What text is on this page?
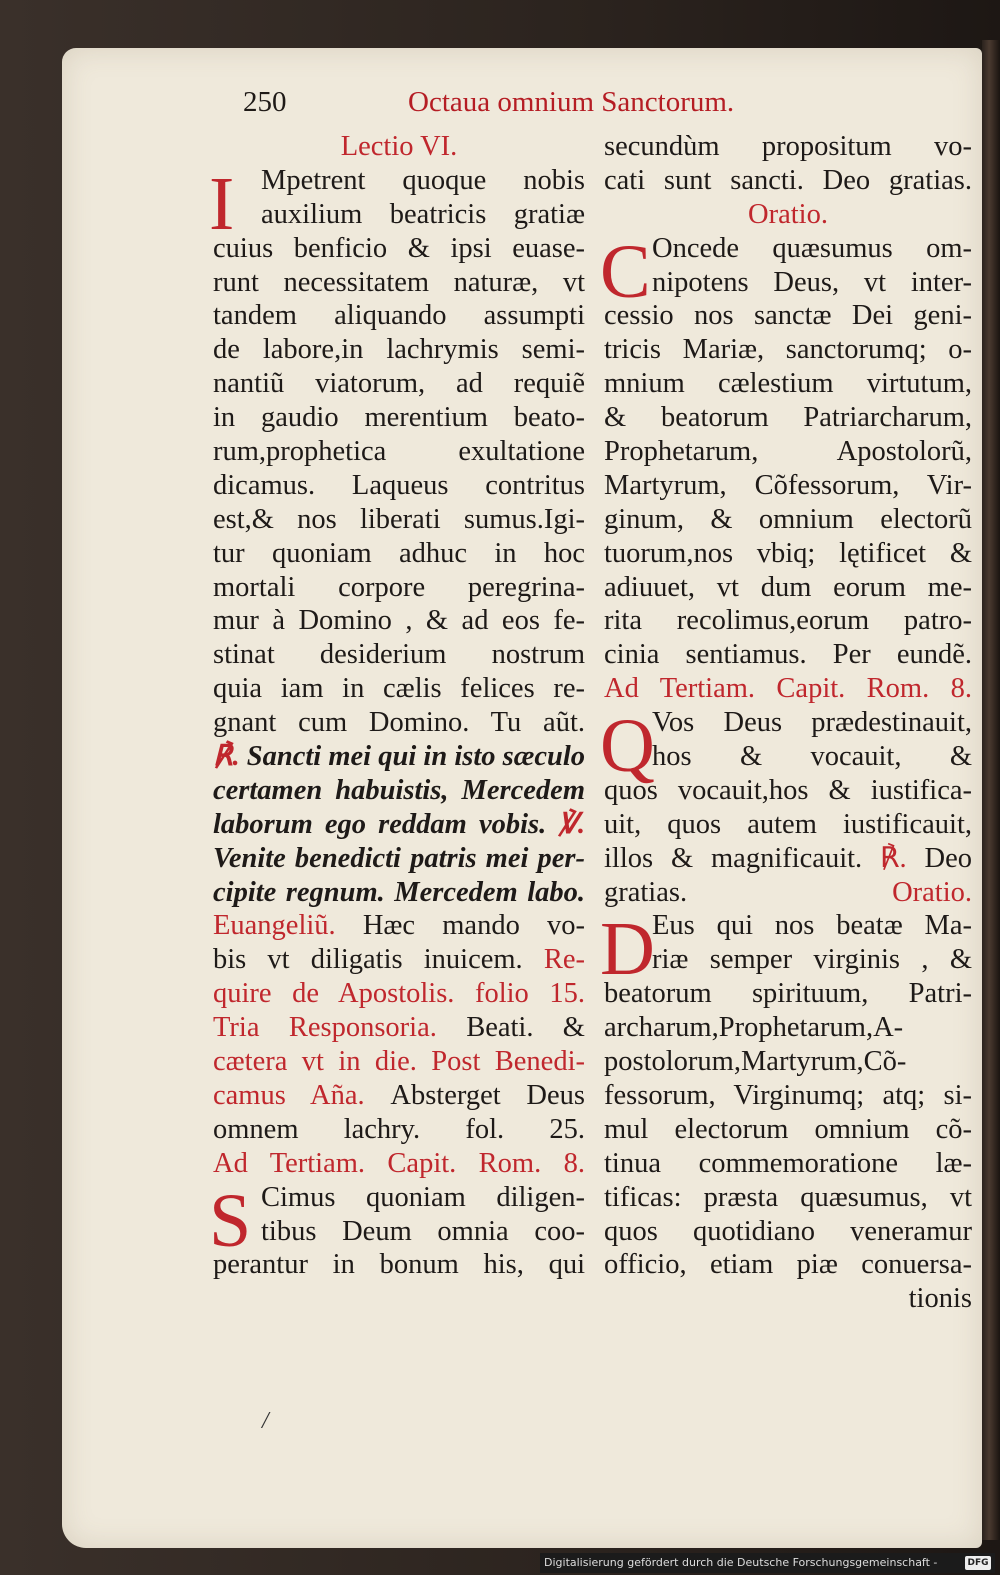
250	Octaua omnium Sanctorum.
Lectio VI.
I Mpetrent quoque nobis
auxilium beatricis gratiæ
cuius benficio & ipsi euase-
runt necessitatem naturæ, vt
tandem aliquando assumpti
de labore,in lachrymis semi-
nantiũ viatorum, ad requiẽ
in gaudio merentium beato-
rum,prophetica exultatione
dicamus. Laqueus contritus
est,& nos liberati sumus.Igi-
tur quoniam adhuc in hoc
mortali corpore peregrina-
mur à Domino , & ad eos fe-
stinat desiderium nostrum
quia iam in cælis felices re-
gnant cum Domino. Tu aũt.
℟. Sancti mei qui in isto sæculo
certamen habuistis, Mercedem
laborum ego reddam vobis. ℣.
Venite benedicti patris mei per-
cipite regnum. Mercedem labo.
Euangeliũ. Hæc mando vo-
bis vt diligatis inuicem. Re-
quire de Apostolis. folio 15.
Tria Responsoria. Beati. &
cætera vt in die. Post Benedi-
camus Añа. Absterget Deus
omnem lachry. fol. 25.
Ad Tertiam. Capit. Rom. 8.
S Cimus quoniam diligen-
tibus Deum omnia coo-
perantur in bonum his, qui
secundùm propositum vo-
cati sunt sancti. Deo gratias.
Oratio.
C Oncede quæsumus om-
nipotens Deus, vt inter-
cessio nos sanctæ Dei geni-
tricis Mariæ, sanctorumq; o-
mnium cælestium virtutum,
& beatorum Patriarcharum,
Prophetarum, Apostolorũ,
Martyrum, Cõfessorum, Vir-
ginum, & omnium electorũ
tuorum,nos vbiq; lętificet &
adiuuet, vt dum eorum me-
rita recolimus,eorum patro-
cinia sentiamus. Per eundẽ.
Ad Tertiam. Capit. Rom. 8.
Q
Vos Deus prædestinauit,
hos & vocauit, &
quos vocauit,hos & iustifica-
uit, quos autem iustificauit,
illos & magnificauit. ℟. Deo
gratias. Oratio.
D
Eus qui nos beatæ Ma-
riæ semper virginis , &
beatorum spirituum, Patri-
archarum,Prophetarum,A-
postolorum,Martyrum,Cõ-
fessorum, Virginumq; atq; si-
mul electorum omnium cõ-
tinua commemoratione læ-
tificas: præsta quæsumus, vt
quos quotidiano veneramur
officio, etiam piæ conuersa-
tionis
/
Digitalisierung gefördert durch die Deutsche Forschungsgemeinschaft -	DFG
